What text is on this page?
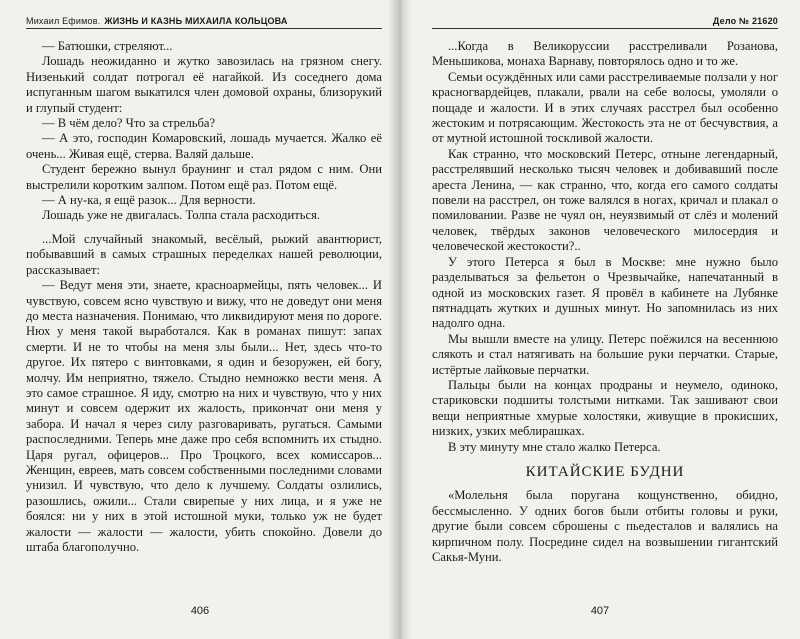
Михаил Ефимов. ЖИЗНЬ И КАЗНЬ МИХАИЛА КОЛЬЦОВА

— Батюшки, стреляют...

Лошадь неожиданно и жутко завозилась на грязном снегу. Низенький солдат потрогал её нагайкой. Из соседнего дома испуганным шагом выкатился член домовой охраны, близорукий и глупый студент:

— В чём дело? Что за стрельба?

— А это, господин Комаровский, лошадь мучается. Жалко её очень... Живая ещё, стерва. Валяй дальше.

Студент бережно вынул браунинг и стал рядом с ним. Они выстрелили коротким залпом. Потом ещё раз. Потом ещё.

— А ну-ка, я ещё разок... Для верности.

Лошадь уже не двигалась. Толпа стала расходиться.

...Мой случайный знакомый, весёлый, рыжий авантюрист, побывавший в самых страшных переделках нашей революции, рассказывает:

— Ведут меня эти, знаете, красноармейцы, пять человек... И чувствую, совсем ясно чувствую и вижу, что не доведут они меня до места назначения. Понимаю, что ликвидируют меня по дороге. Нюх у меня такой выработался. Как в романах пишут: запах смерти. И не то чтобы на меня злы были... Нет, здесь что-то другое. Их пятеро с винтовками, я один и безоружен, ей богу, молчу. Им неприятно, тяжело. Стыдно немножко вести меня. А это самое страшное. Я иду, смотрю на них и чувствую, что у них минут и совсем одержит их жалость, прикончат они меня у забора. И начал я через силу разговаривать, ругаться. Самыми распоследними. Теперь мне даже про себя вспомнить их стыдно. Царя ругал, офицеров... Про Троцкого, всех комиссаров... Женщин, евреев, мать совсем собственными последними словами унизил. И чувствую, что дело к лучшему. Солдаты озлились, разошлись, ожили... Стали свирепые у них лица, и я уже не боялся: ни у них в этой истошной муки, только уж не будет жалости — жалости — жалости, убить спокойно. Довели до штаба благополучно.

406
Дело № 21620

...Когда в Великоруссии расстреливали Розанова, Меньшикова, монаха Варнаву, повторялось одно и то же.

Семьи осуждённых или сами расстреливаемые ползали у ног красногвардейцев, плакали, рвали на себе волосы, умоляли о пощаде и жалости. И в этих случаях расстрел был особенно жестоким и потрясающим. Жестокость эта не от бесчувствия, а от мутной истошной тоскливой жалости.

Как странно, что московский Петерс, отныне легендарный, расстрелявший несколько тысяч человек и добивавший после ареста Ленина, — как странно, что, когда его самого солдаты повели на расстрел, он тоже валялся в ногах, кричал и плакал о помиловании. Разве не чуял он, неуязвимый от слёз и молений человек, твёрдых законов человеческого милосердия и человеческой жестокости?..

У этого Петерса я был в Москве: мне нужно было разделываться за фельетон о Чрезвычайке, напечатанный в одной из московских газет. Я провёл в кабинете на Лубянке пятнадцать жутких и душных минут. Но запомнилась из них надолго одна.

Мы вышли вместе на улицу. Петерс поёжился на весеннюю слякоть и стал натягивать на большие руки перчатки. Старые, истёртые лайковые перчатки.

Пальцы были на концах продраны и неумело, одиноко, стариковски подшиты толстыми нитками. Так зашивают свои вещи неприятные хмурые холостяки, живущие в прокисших, низких, узких меблирашках.

В эту минуту мне стало жалко Петерса.

КИТАЙСКИЕ БУДНИ

«Молельня была поругана кощунственно, обидно, бессмысленно. У одних богов были отбиты головы и руки, другие были совсем сброшены с пьедесталов и валялись на кирпичном полу. Посредине сидел на возвышении гигантский Сакья-Муни.

407
